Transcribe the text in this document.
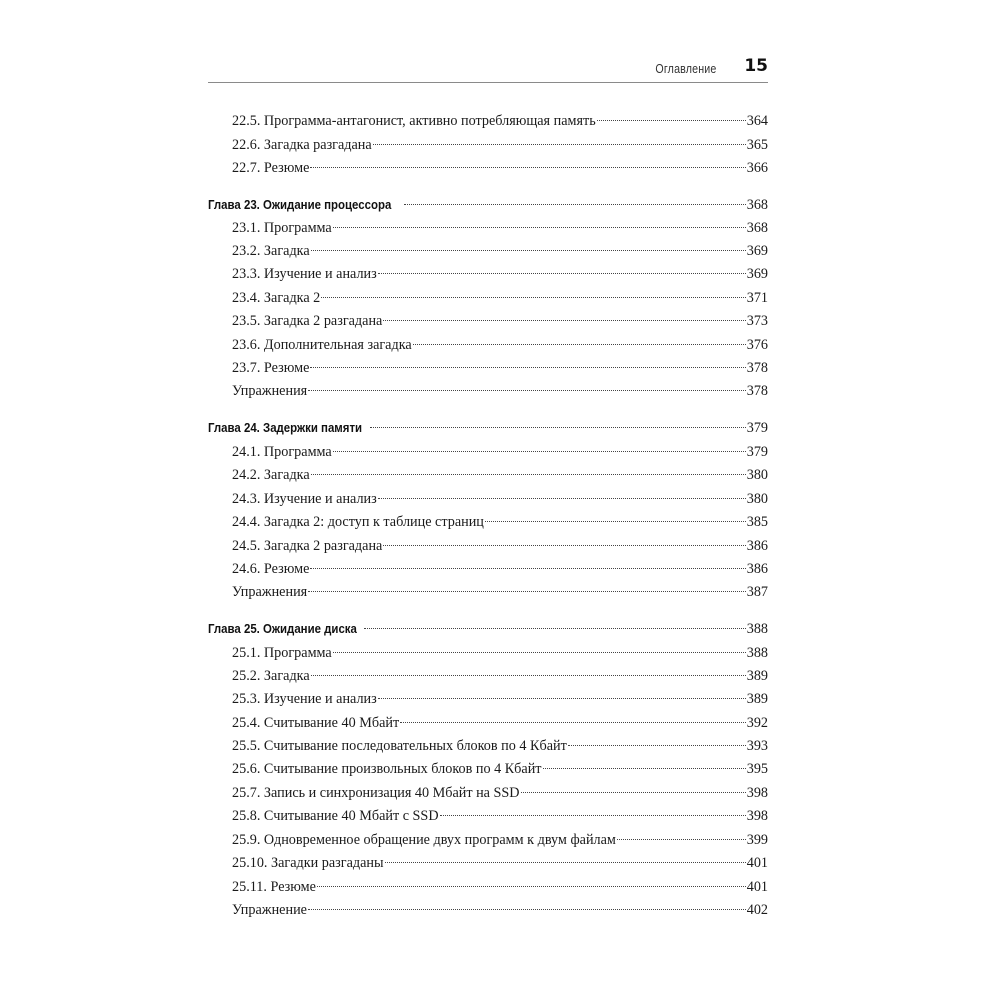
Оглавление 15
22.5. Программа-антагонист, активно потребляющая память	364
22.6. Загадка разгадана	365
22.7. Резюме	366
Глава 23. Ожидание процессора	368
23.1. Программа	368
23.2. Загадка	369
23.3. Изучение и анализ	369
23.4. Загадка 2	371
23.5. Загадка 2 разгадана	373
23.6. Дополнительная загадка	376
23.7. Резюме	378
Упражнения	378
Глава 24. Задержки памяти	379
24.1. Программа	379
24.2. Загадка	380
24.3. Изучение и анализ	380
24.4. Загадка 2: доступ к таблице страниц	385
24.5. Загадка 2 разгадана	386
24.6. Резюме	386
Упражнения	387
Глава 25. Ожидание диска	388
25.1. Программа	388
25.2. Загадка	389
25.3. Изучение и анализ	389
25.4. Считывание 40 Мбайт	392
25.5. Считывание последовательных блоков по 4 Кбайт	393
25.6. Считывание произвольных блоков по 4 Кбайт	395
25.7. Запись и синхронизация 40 Мбайт на SSD	398
25.8. Считывание 40 Мбайт с SSD	398
25.9. Одновременное обращение двух программ к двум файлам	399
25.10. Загадки разгаданы	401
25.11. Резюме	401
Упражнение	402
